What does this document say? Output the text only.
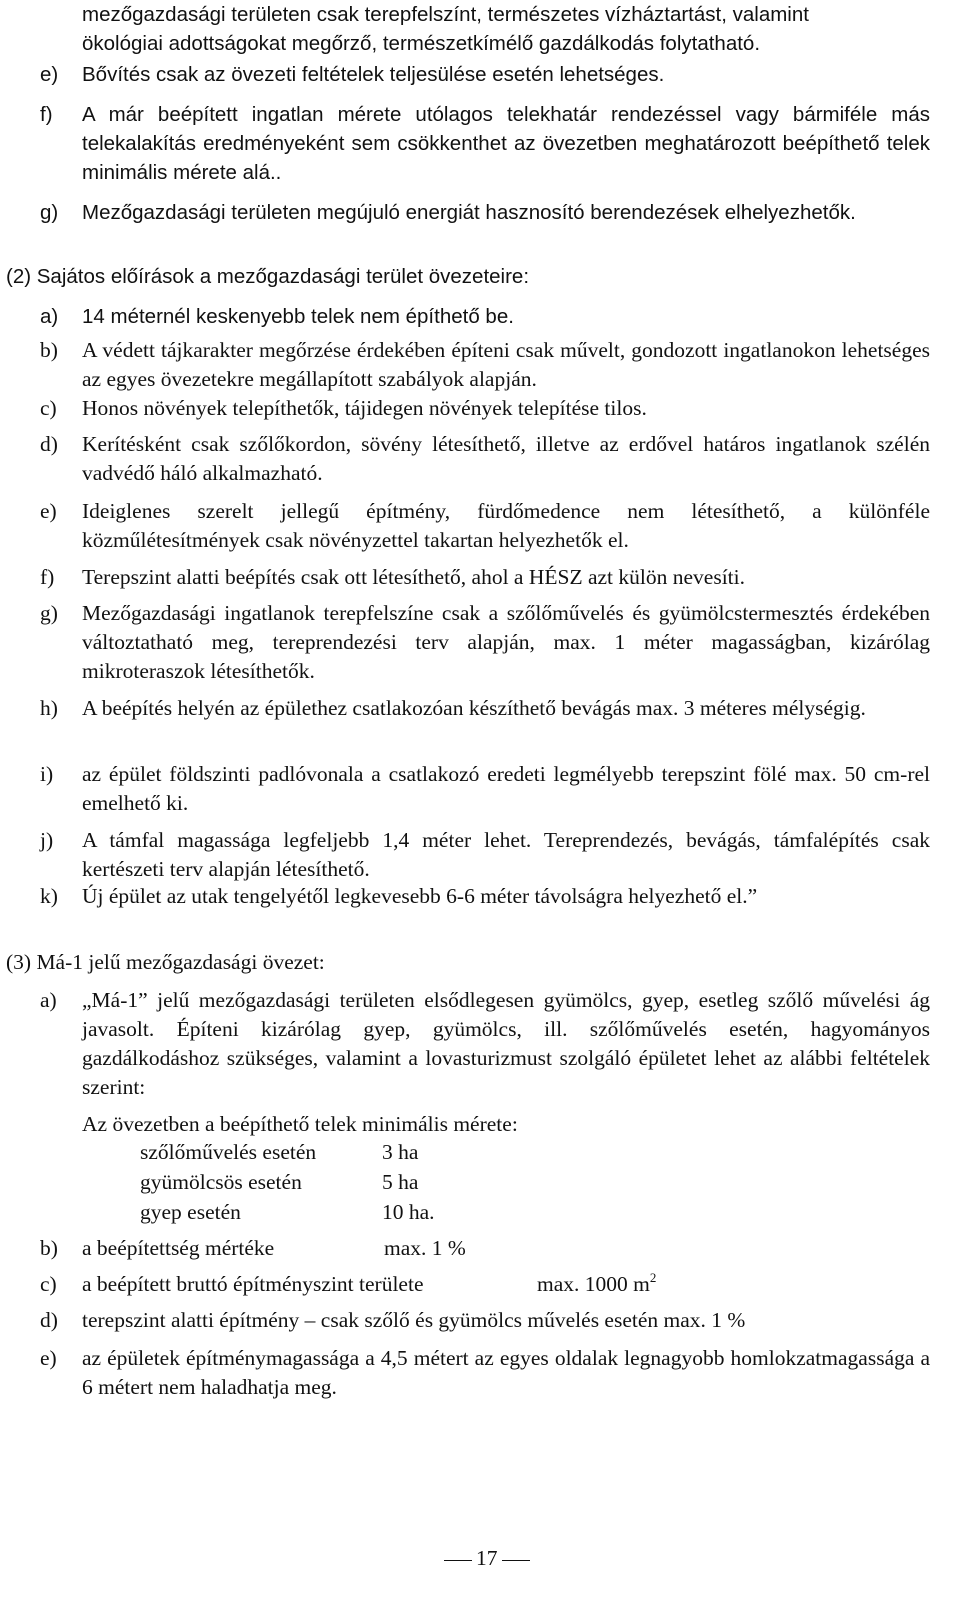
mezőgazdasági területen csak terepfelszínt, természetes vízháztartást, valamint
ökológiai adottságokat megőrző, természetkímélő gazdálkodás folytatható.
e) Bővítés csak az övezeti feltételek teljesülése esetén lehetséges.
f) A már beépített ingatlan mérete utólagos telekhatár rendezéssel vagy bármiféle más telekalakítás eredményeként sem csökkenthet az övezetben meghatározott beépíthető telek minimális mérete alá..
g) Mezőgazdasági területen megújuló energiát hasznosító berendezések elhelyezhetők.
(2) Sajátos előírások a mezőgazdasági terület övezeteire:
a) 14 méternél keskenyebb telek nem építhető be.
b) A védett tájkarakter megőrzése érdekében építeni csak művelt, gondozott ingatlanokon lehetséges az egyes övezetekre megállapított szabályok alapján.
c) Honos növények telepíthetők, tájidegen növények telepítése tilos.
d) Kerítésként csak szőlőkordon, sövény létesíthető, illetve az erdővel határos ingatlanok szélén vadvédő háló alkalmazható.
e) Ideiglenes szerelt jellegű építmény, fürdőmedence nem létesíthető, a különféle közműlétesítmények csak növényzettel takartan helyezhetők el.
f) Terepszint alatti beépítés csak ott létesíthető, ahol a HÉSZ azt külön nevesíti.
g) Mezőgazdasági ingatlanok terepfelszíne csak a szőlőművelés és gyümölcstermesztés érdekében változtatható meg, tereprendezési terv alapján, max. 1 méter magasságban, kizárólag mikroteraszok létesíthetők.
h) A beépítés helyén az épülethez csatlakozóan készíthető bevágás max. 3 méteres mélységig.
i) az épület földszinti padlóvonala a csatlakozó eredeti legmélyebb terepszint fölé max. 50 cm-rel emelhető ki.
j) A támfal magassága legfeljebb 1,4 méter lehet. Tereprendezés, bevágás, támfalépítés csak kertészeti terv alapján létesíthető.
k) Új épület az utak tengelyétől legkevesebb 6-6 méter távolságra helyezhető el.”
(3) Má-1 jelű mezőgazdasági övezet:
a) „Má-1” jelű mezőgazdasági területen elsődlegesen gyümölcs, gyep, esetleg szőlő művelési ág javasolt. Építeni kizárólag gyep, gyümölcs, ill. szőlőművelés esetén, hagyományos gazdálkodáshoz szükséges, valamint a lovasturizmust szolgáló épületet lehet az alábbi feltételek szerint:
Az övezetben a beépíthető telek minimális mérete:
szőlőművelés esetén	3 ha
gyümölcsös esetén	5 ha
gyep esetén	10 ha.
b) a beépítettség mértéke	max. 1 %
c) a beépített bruttó építményszint területe	max. 1000 $m^2$
d) terepszint alatti építmény – csak szőlő és gyümölcs művelés esetén max. 1 %
e) az épületek építménymagassága a 4,5 métert az egyes oldalak legnagyobb homlokzatmagassága a 6 métert nem haladhatja meg.
17
